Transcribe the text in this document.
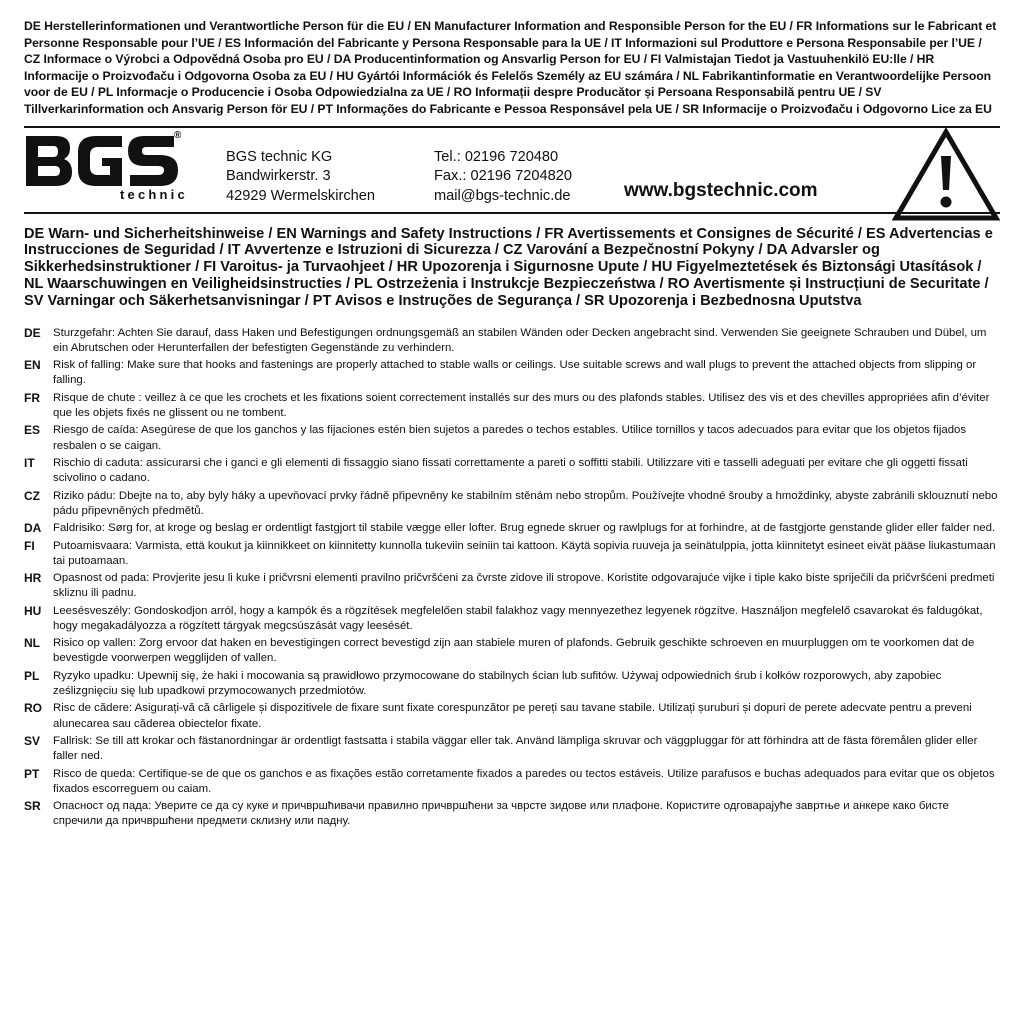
DE Herstellerinformationen und Verantwortliche Person für die EU / EN Manufacturer Information and Responsible Person for the EU / FR Informations sur le Fabricant et Personne Responsable pour l’UE / ES Información del Fabricante y Persona Responsable para la UE / IT Informazioni sul Produttore e Persona Responsabile per l’UE / CZ Informace o Výrobci a Odpovědná Osoba pro EU / DA Producentinformation og Ansvarlig Person for EU / FI Valmistajan Tiedot ja Vastuuhenkilö EU:lle / HR Informacije o Proizvođaču i Odgovorna Osoba za EU / HU Gyártói Információk és Felelős Személy az EU számára / NL Fabrikantinformatie en Verantwoordelijke Persoon voor de EU / PL Informacje o Producencie i Osoba Odpowiedzialna za UE / RO Informații despre Producător și Persoana Responsabilă pentru UE / SV Tillverkarinformation och Ansvarig Person för EU / PT Informações do Fabricante e Pessoa Responsável pela UE / SR Informacije o Proizvođaču i Odgovorno Lice za EU
®
technic
BGS technic KG
Bandwirkerstr. 3
42929 Wermelskirchen
Tel.: 02196 720480
Fax.: 02196 7204820
mail@bgs-technic.de	www.bgstechnic.com
DE Warn- und Sicherheitshinweise / EN Warnings and Safety Instructions / FR Avertissements et Consignes de Sécurité / ES Advertencias e Instrucciones de Seguridad / IT Avvertenze e Istruzioni di Sicurezza / CZ Varování a Bezpečnostní Pokyny / DA Advarsler og Sikkerhedsinstruktioner / FI Varoitus- ja Turvaohjeet / HR Upozorenja i Sigurnosne Upute / HU Figyelmeztetések és Biztonsági Utasítások / NL Waarschuwingen en Veiligheidsinstructies / PL Ostrzeżenia i Instrukcje Bezpieczeństwa / RO Avertismente și Instrucțiuni de Securitate / SV Varningar och Säkerhetsanvisningar / PT Avisos e Instruções de Segurança / SR Upozorenja i Bezbednosna Uputstva
DE	Sturzgefahr: Achten Sie darauf, dass Haken und Befestigungen ordnungsgemäß an stabilen Wänden oder Decken angebracht sind. Verwenden Sie geeignete Schrauben und Dübel, um ein Abrutschen oder Herunterfallen der befestigten Gegenstände zu verhindern.
EN	Risk of falling: Make sure that hooks and fastenings are properly attached to stable walls or ceilings. Use suitable screws and wall plugs to prevent the attached objects from slipping or falling.
FR	Risque de chute : veillez à ce que les crochets et les fixations soient correctement installés sur des murs ou des plafonds stables. Utilisez des vis et des chevilles appropriées afin d’éviter que les objets fixés ne glissent ou ne tombent.
ES	Riesgo de caída: Asegúrese de que los ganchos y las fijaciones estén bien sujetos a paredes o techos estables. Utilice tornillos y tacos adecuados para evitar que los objetos fijados resbalen o se caigan.
IT	Rischio di caduta: assicurarsi che i ganci e gli elementi di fissaggio siano fissati correttamente a pareti o soffitti stabili. Utilizzare viti e tasselli adeguati per evitare che gli oggetti fissati scivolino o cadano.
CZ	Riziko pádu: Dbejte na to, aby byly háky a upevňovací prvky řádně připevněny ke stabilním stěnám nebo stropům. Používejte vhodné šrouby a hmoždinky, abyste zabránili sklouznutí nebo pádu připevněných předmětů.
DA	Faldrisiko: Sørg for, at kroge og beslag er ordentligt fastgjort til stabile vægge eller lofter. Brug egnede skruer og rawlplugs for at forhindre, at de fastgjorte genstande glider eller falder ned.
FI	Putoamisvaara: Varmista, että koukut ja kiinnikkeet on kiinnitetty kunnolla tukeviin seiniin tai kattoon. Käytä sopivia ruuveja ja seinätulppia, jotta kiinnitetyt esineet eivät pääse liukastumaan tai putoamaan.
HR	Opasnost od pada: Provjerite jesu li kuke i pričvrsni elementi pravilno pričvršćeni za čvrste zidove ili stropove. Koristite odgovarajuće vijke i tiple kako biste spriječili da pričvršćeni predmeti skliznu ili padnu.
HU	Leesésveszély: Gondoskodjon arról, hogy a kampók és a rögzítések megfelelően stabil falakhoz vagy mennyezethez legyenek rögzítve. Használjon megfelelő csavarokat és faldugókat, hogy megakadályozza a rögzített tárgyak megcsúszását vagy leesését.
NL	Risico op vallen: Zorg ervoor dat haken en bevestigingen correct bevestigd zijn aan stabiele muren of plafonds. Gebruik geschikte schroeven en muurpluggen om te voorkomen dat de bevestigde voorwerpen wegglijden of vallen.
PL	Ryzyko upadku: Upewnij się, że haki i mocowania są prawidłowo przymocowane do stabilnych ścian lub sufitów. Używaj odpowiednich śrub i kołków rozporowych, aby zapobiec ześlizgnięciu się lub upadkowi przymocowanych przedmiotów.
RO Risc de cădere: Asigurați-vă că cârligele și dispozitivele de fixare sunt fixate corespunzător pe pereți sau tavane stabile. Utilizați șuruburi și dopuri de perete adecvate pentru a preveni alunecarea sau căderea obiectelor fixate.
SV	Fallrisk: Se till att krokar och fästanordningar är ordentligt fastsatta i stabila väggar eller tak. Använd lämpliga skruvar och väggpluggar för att förhindra att de fästa föremålen glider eller faller ned.
PT	Risco de queda: Certifique-se de que os ganchos e as fixações estão corretamente fixados a paredes ou tectos estáveis. Utilize parafusos e buchas adequados para evitar que os objetos fixados escorreguem ou caiam.
SR	Опасност од пада: Уверите се да су куке и причвршћивачи правилно причвршћени за чврсте зидове или плафоне. Користите одговарајуће завртње и анкере како бисте спречили да причвршћени предмети склизну или падну.
